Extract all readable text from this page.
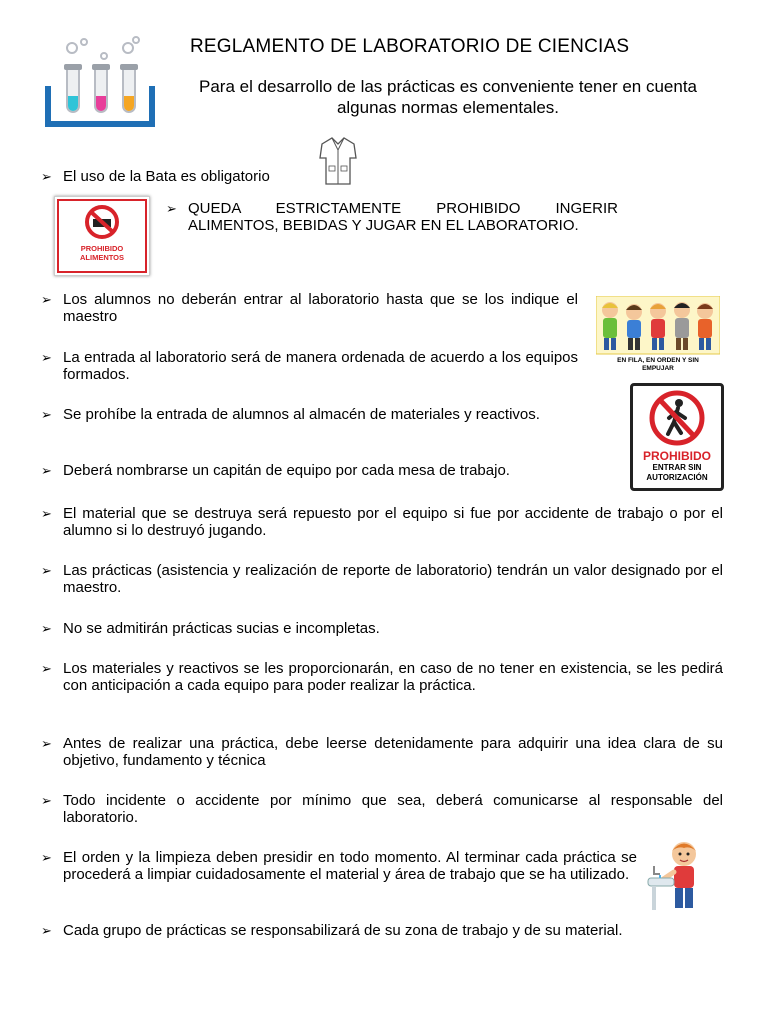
REGLAMENTO DE LABORATORIO DE CIENCIAS
Para el desarrollo de las prácticas es conveniente tener en cuenta algunas normas elementales.
➢ El uso de la Bata es obligatorio

PROHIBIDO
ALIMENTOS
➢ QUEDA ESTRICTAMENTE PROHIBIDO INGERIR ALIMENTOS, BEBIDAS Y JUGAR EN EL LABORATORIO.

➢ Los alumnos no deberán entrar al laboratorio hasta que se los indique el maestro

EN FILA, EN ORDEN Y SIN
EMPUJAR
➢ La entrada al laboratorio será de manera ordenada de acuerdo a los equipos formados.

➢ Se prohíbe la entrada de alumnos al almacén de materiales y reactivos.

PROHIBIDO
ENTRAR SIN
AUTORIZACIÓN
➢ Deberá nombrarse un capitán de equipo por cada mesa de trabajo.

➢ El material que se destruya será repuesto por el equipo si fue por accidente de trabajo o por el alumno si lo destruyó jugando.

➢ Las prácticas (asistencia y realización de reporte de laboratorio) tendrán un valor designado por el maestro.

➢ No se admitirán prácticas sucias e incompletas.

➢ Los materiales y reactivos se les proporcionarán, en caso de no tener en existencia, se les pedirá con anticipación a cada equipo para poder realizar la práctica.

➢ Antes de realizar una práctica, debe leerse detenidamente para adquirir una idea clara de su objetivo, fundamento y técnica

➢ Todo incidente o accidente por mínimo que sea, deberá comunicarse al responsable del laboratorio.

➢ El orden y la limpieza deben presidir en todo momento. Al terminar cada práctica se procederá a limpiar cuidadosamente el material y área de trabajo que se ha utilizado.

➢ Cada grupo de prácticas se responsabilizará de su zona de trabajo y de su material.
